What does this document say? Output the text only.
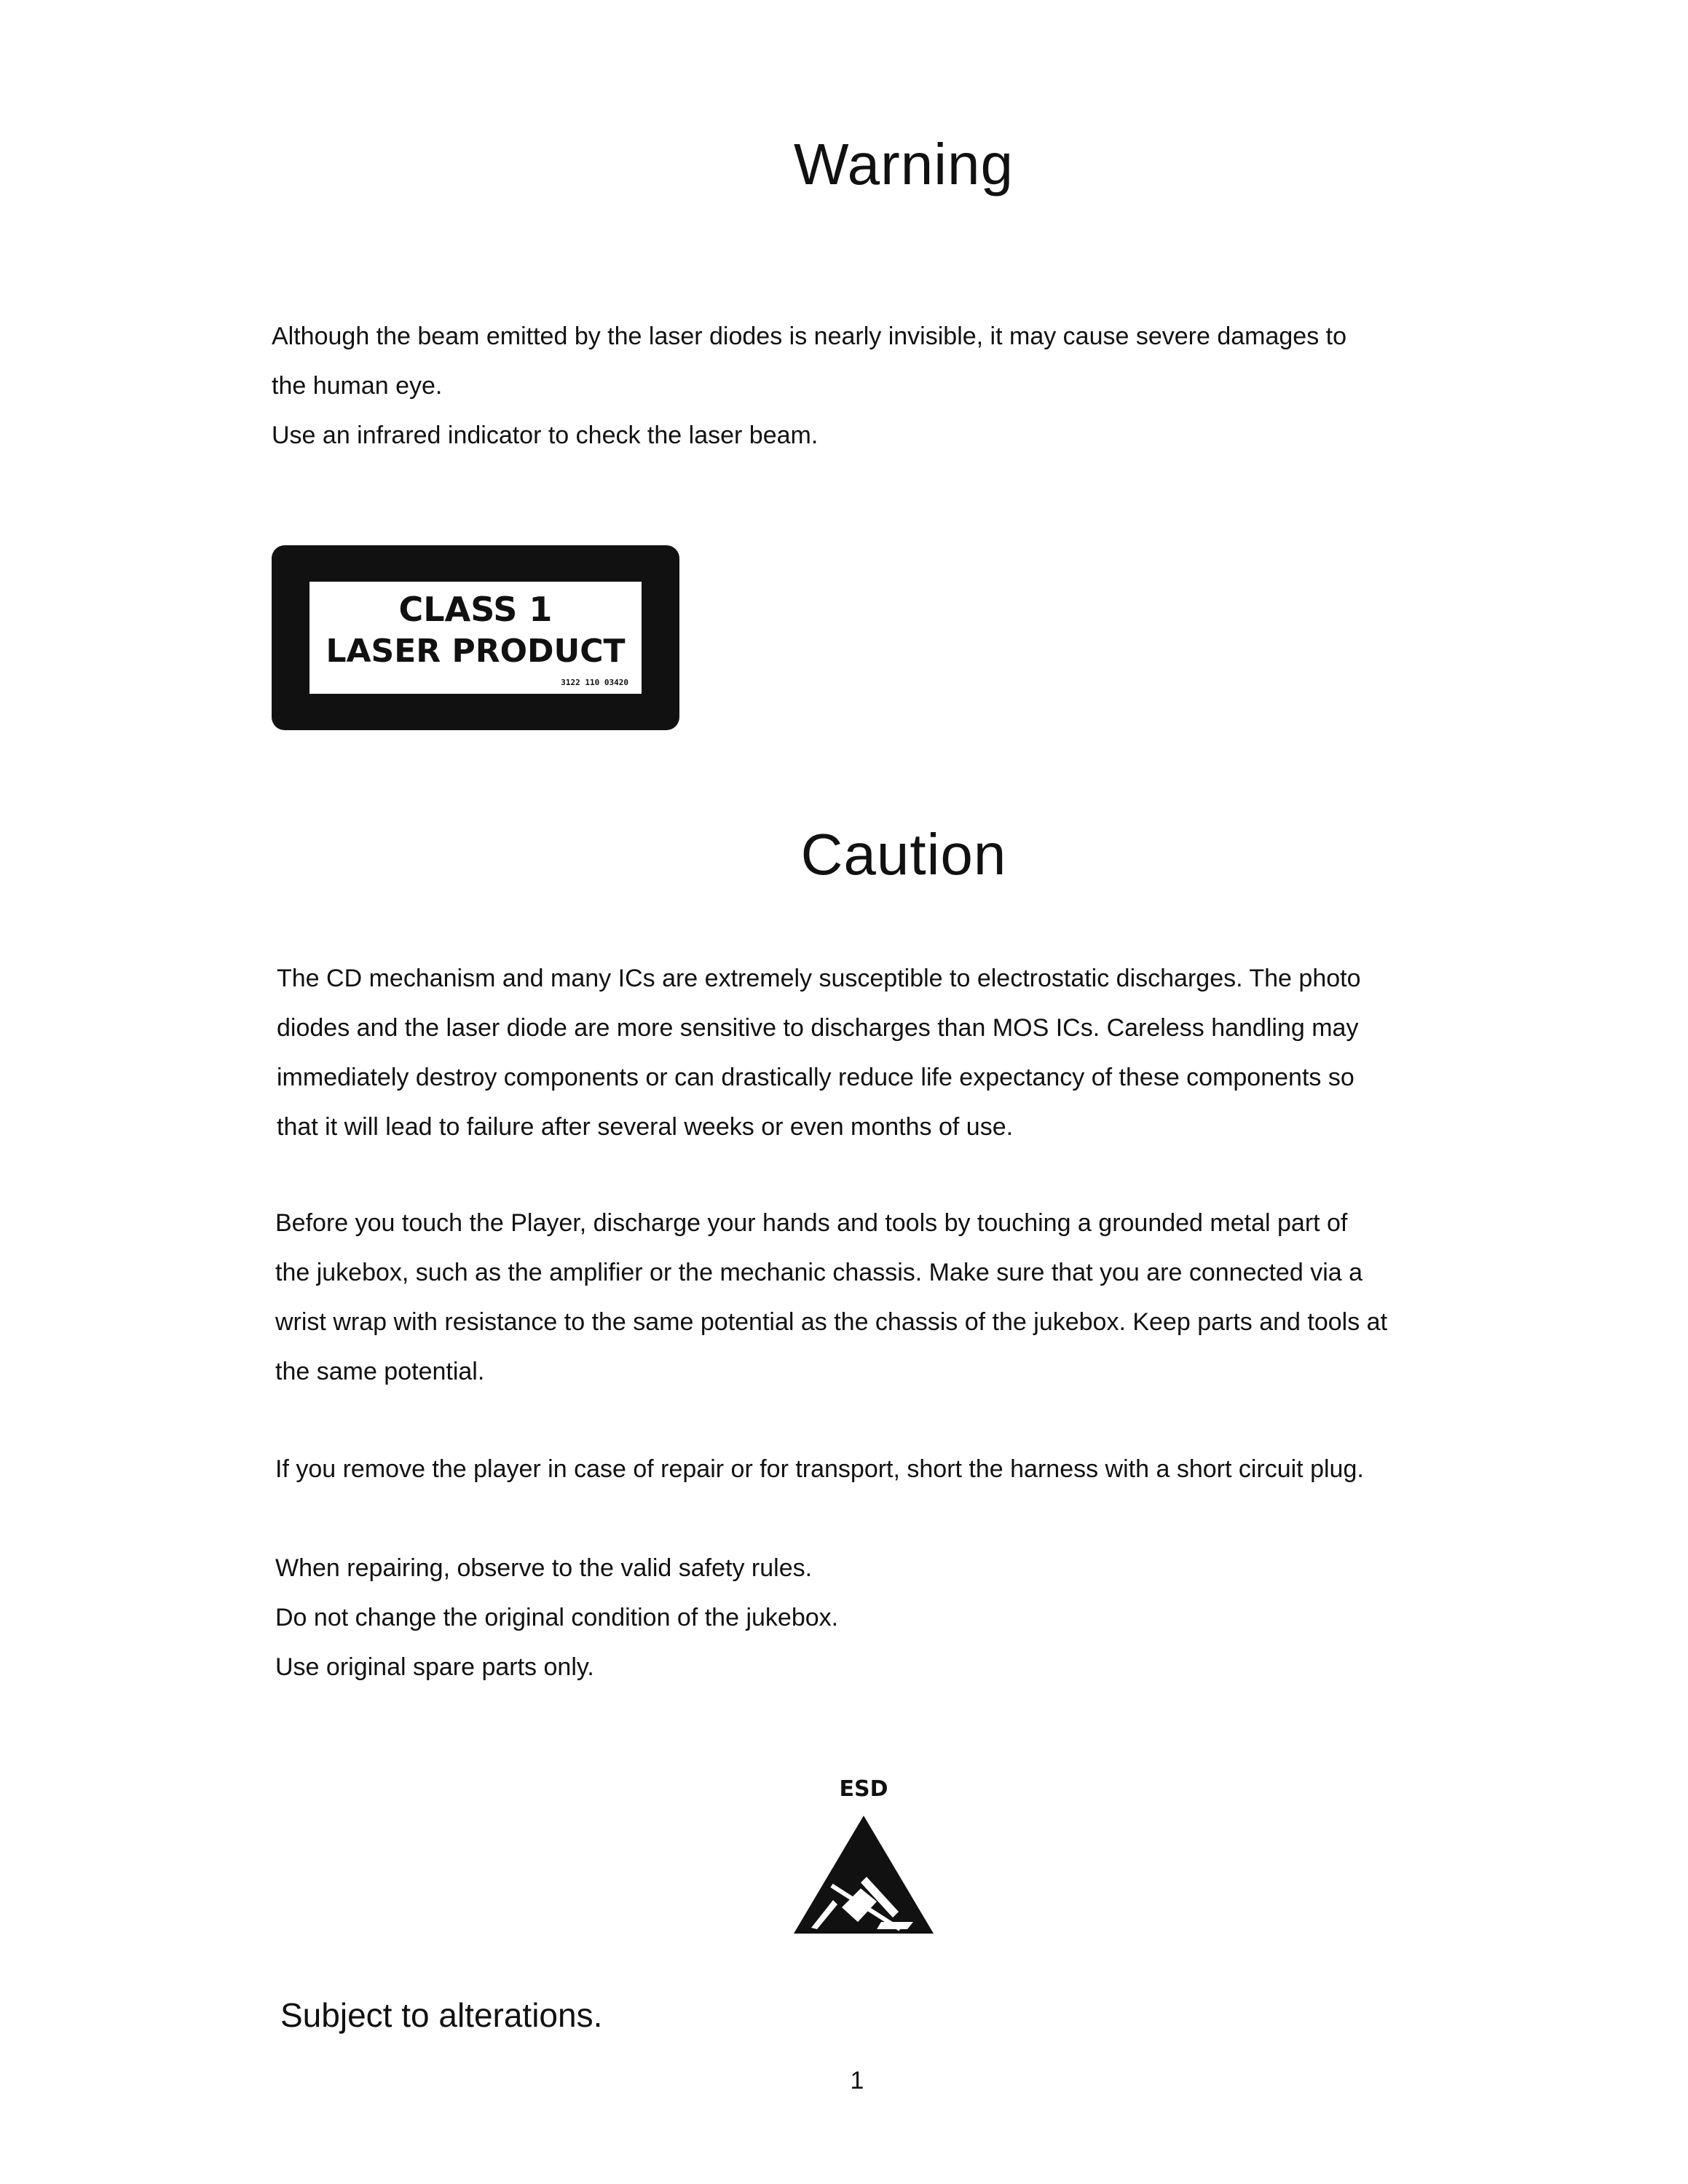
Warning

Although the beam emitted by the laser diodes is nearly invisible, it may cause severe damages to
the human eye.

Use an infrared indicator to check the laser beam.

CLASS 1
LASER PRODUCT
3122 110 03420
Caution

The CD mechanism and many ICs are extremely susceptible to electrostatic discharges. The photo
diodes and the laser diode are more sensitive to discharges than MOS ICs. Careless handling may
immediately destroy components or can drastically reduce life expectancy of these components so
that it will lead to failure after several weeks or even months of use.

Before you touch the Player, discharge your hands and tools by touching a grounded metal part of
the jukebox, such as the amplifier or the mechanic chassis. Make sure that you are connected via a
wrist wrap with resistance to the same potential as the chassis of the jukebox. Keep parts and tools at
the same potential.

If you remove the player in case of repair or for transport, short the harness with a short circuit plug.

When repairing, observe to the valid safety rules.
Do not change the original condition of the jukebox.
Use original spare parts only.

ESD

Subject to alterations.

1
